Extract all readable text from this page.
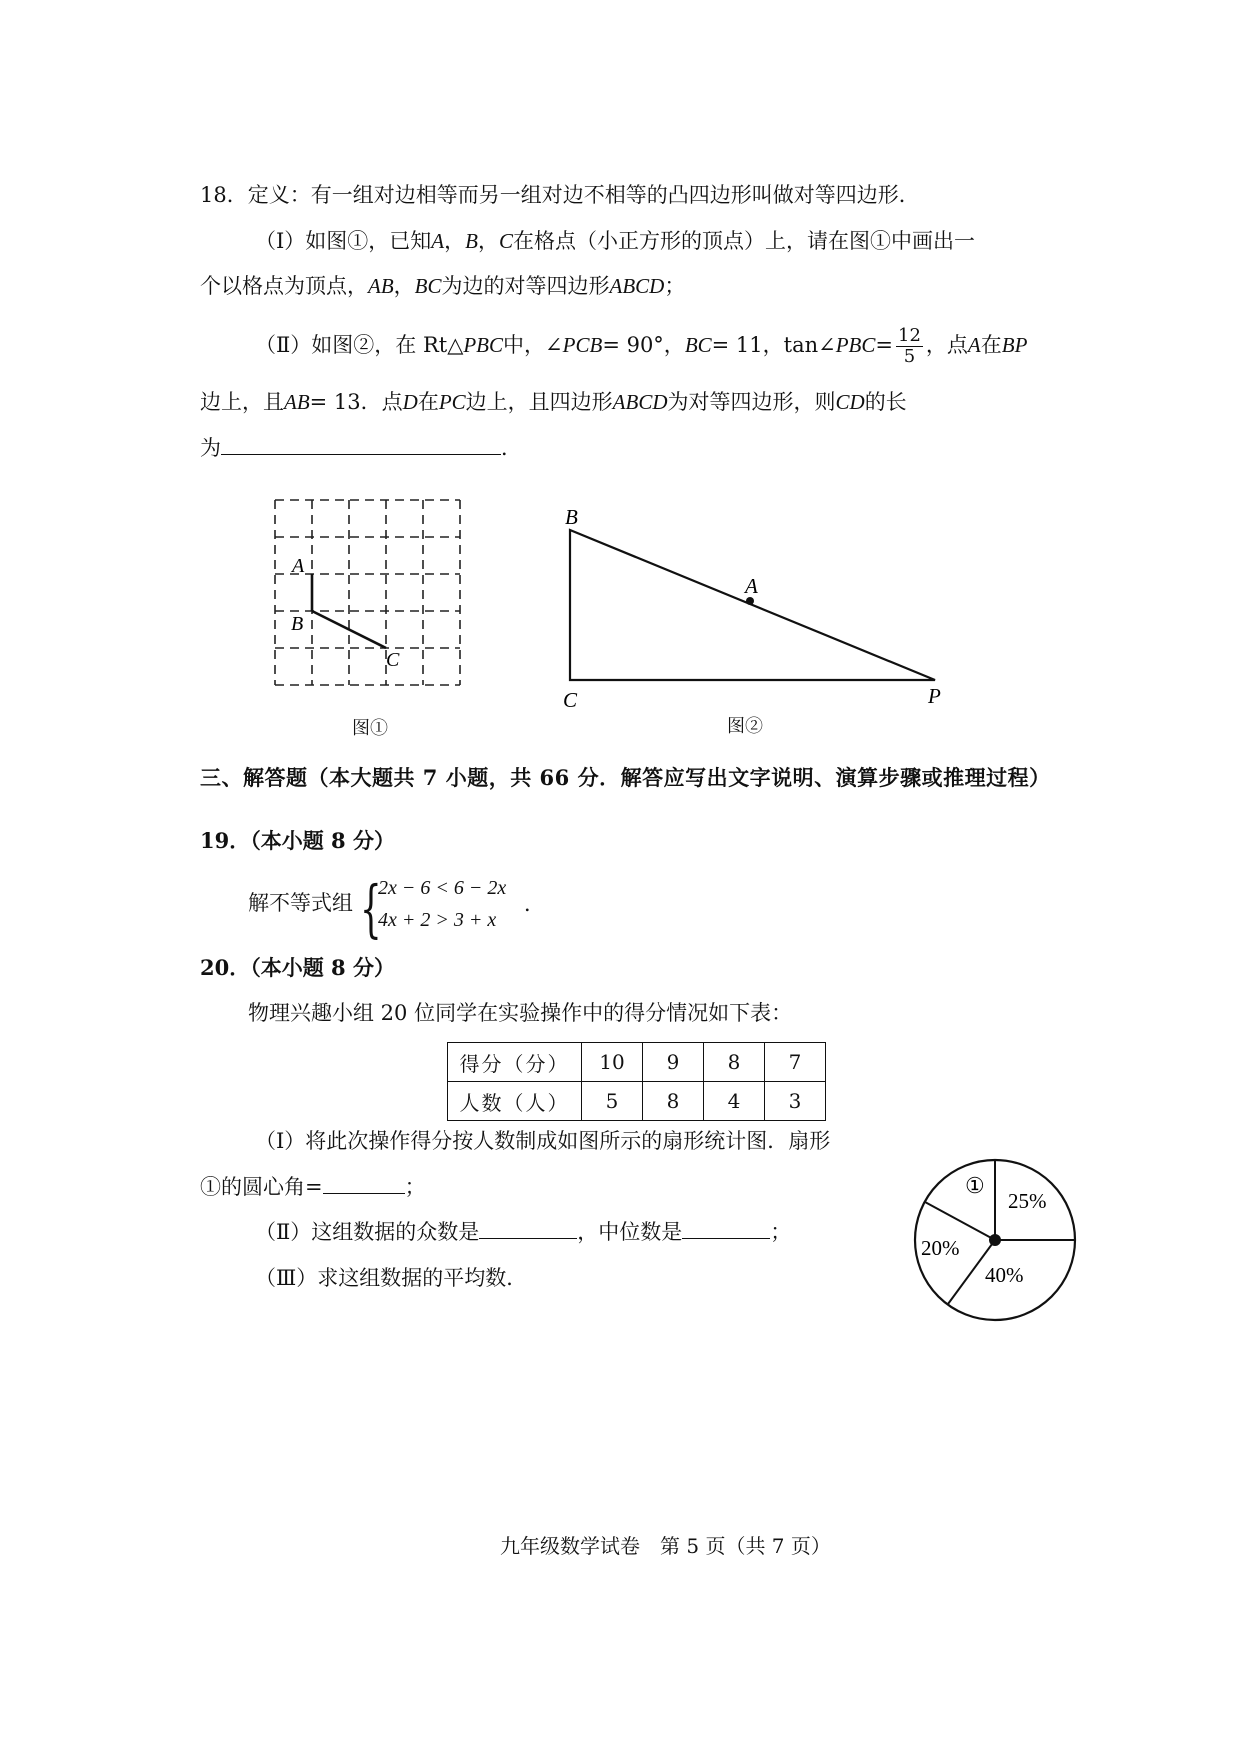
18．定义：有一组对边相等而另一组对边不相等的凸四边形叫做对等四边形．
（Ⅰ）如图①，已知A，B，C在格点（小正方形的顶点）上，请在图①中画出一
个以格点为顶点，AB，BC为边的对等四边形ABCD；
（Ⅱ）如图②，在 Rt△PBC中，∠PCB= 90°，BC= 11，tan∠PBC= $\frac{12}{5}$ ，点A在BP
边上，且AB= 13．点D在PC边上，且四边形ABCD为对等四边形，则CD的长
为	．
A
B
C
图①
B
A
C	P
图②
三、解答题（本大题共 7 小题，共 66 分．解答应写出文字说明、演算步骤或推理过程）
19．（本小题 8 分）
解不等式组 {
2x − 6 < 6 − 2x
4x + 2 > 3 + x
．
20．（本小题 8 分）
物理兴趣小组 20 位同学在实验操作中的得分情况如下表：
得分（分）	10	9	8	7
人数（人）	5	8	4	3
（Ⅰ）将此次操作得分按人数制成如图所示的扇形统计图．扇形
①的圆心角=	；
（Ⅱ）这组数据的众数是	，中位数是	；
（Ⅲ）求这组数据的平均数．
①
25%
20%
40%
九年级数学试卷　第 5 页（共 7 页）
